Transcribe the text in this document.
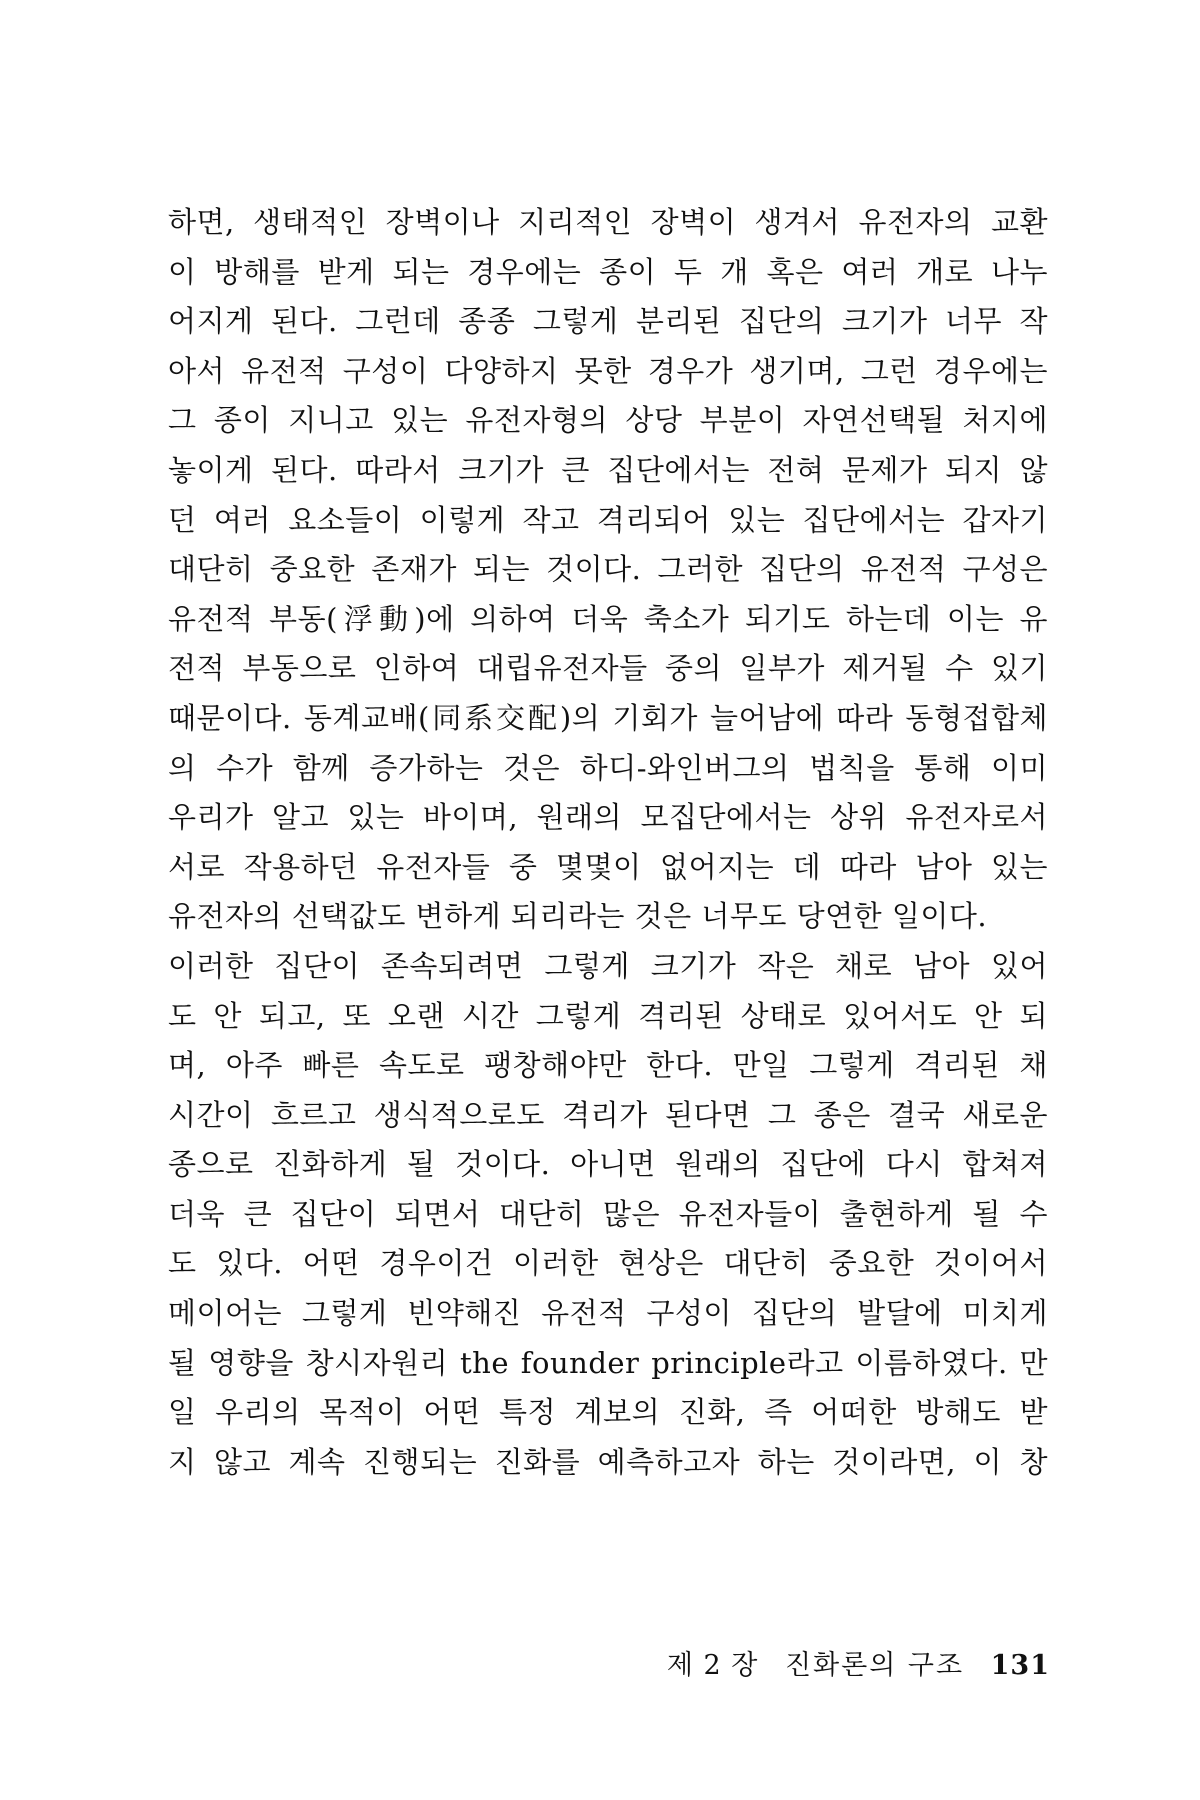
하면, 생태적인 장벽이나 지리적인 장벽이 생겨서 유전자의 교환
이 방해를 받게 되는 경우에는 종이 두 개 혹은 여러 개로 나누
어지게 된다. 그런데 종종 그렇게 분리된 집단의 크기가 너무 작
아서 유전적 구성이 다양하지 못한 경우가 생기며, 그런 경우에는
그 종이 지니고 있는 유전자형의 상당 부분이 자연선택될 처지에
놓이게 된다. 따라서 크기가 큰 집단에서는 전혀 문제가 되지 않
던 여러 요소들이 이렇게 작고 격리되어 있는 집단에서는 갑자기
대단히 중요한 존재가 되는 것이다. 그러한 집단의 유전적 구성은
유전적 부동(浮動)에 의하여 더욱 축소가 되기도 하는데 이는 유
전적 부동으로 인하여 대립유전자들 중의 일부가 제거될 수 있기
때문이다. 동계교배(同系交配)의 기회가 늘어남에 따라 동형접합체
의 수가 함께 증가하는 것은 하디-와인버그의 법칙을 통해 이미
우리가 알고 있는 바이며, 원래의 모집단에서는 상위 유전자로서
서로 작용하던 유전자들 중 몇몇이 없어지는 데 따라 남아 있는
유전자의 선택값도 변하게 되리라는 것은 너무도 당연한 일이다.
이러한 집단이 존속되려면 그렇게 크기가 작은 채로 남아 있어
도 안 되고, 또 오랜 시간 그렇게 격리된 상태로 있어서도 안 되
며, 아주 빠른 속도로 팽창해야만 한다. 만일 그렇게 격리된 채
시간이 흐르고 생식적으로도 격리가 된다면 그 종은 결국 새로운
종으로 진화하게 될 것이다. 아니면 원래의 집단에 다시 합쳐져
더욱 큰 집단이 되면서 대단히 많은 유전자들이 출현하게 될 수
도 있다. 어떤 경우이건 이러한 현상은 대단히 중요한 것이어서
메이어는 그렇게 빈약해진 유전적 구성이 집단의 발달에 미치게
될 영향을 창시자원리 the founder principle라고 이름하였다. 만
일 우리의 목적이 어떤 특정 계보의 진화, 즉 어떠한 방해도 받
지 않고 계속 진행되는 진화를 예측하고자 하는 것이라면, 이 창
제 2 장 진화론의 구조 131
